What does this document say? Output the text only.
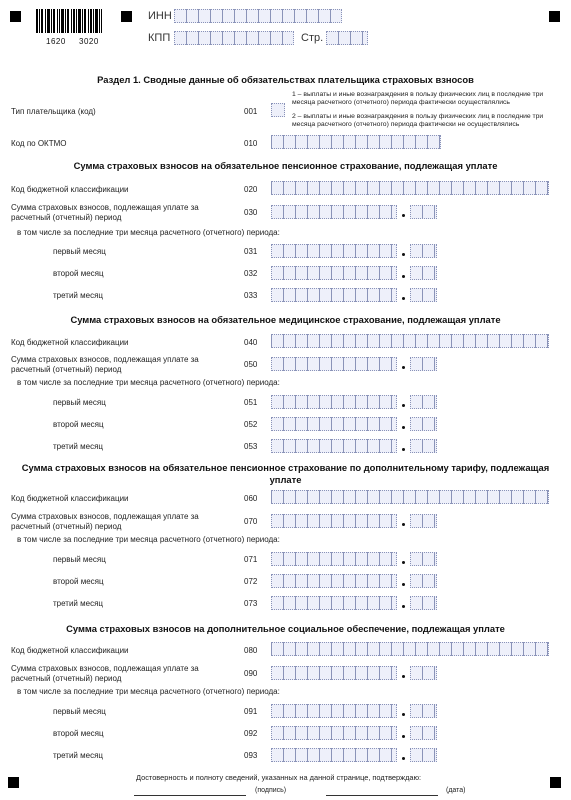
1620 3020
ИНН
КПП	Стр.
Раздел 1. Сводные данные об обязательствах плательщика страховых взносов
Тип плательщика (код)	001
1 – выплаты и иные вознаграждения в пользу физических лиц в последние три месяца расчетного (отчетного) периода фактически осуществлялись
2 – выплаты и иные вознаграждения в пользу физических лиц в последние три месяца расчетного (отчетного) периода фактически не осуществлялись
Код по ОКТМО	010
Сумма страховых взносов на обязательное пенсионное страхование, подлежащая уплате
Код бюджетной классификации	020
Сумма страховых взносов, подлежащая уплате за
расчетный (отчетный) период
030
в том числе за последние три месяца расчетного (отчетного) периода:
первый месяц	031
второй месяц	032
третий месяц	033
Сумма страховых взносов на обязательное медицинское страхование, подлежащая уплате
Код бюджетной классификации	040
Сумма страховых взносов, подлежащая уплате за
расчетный (отчетный) период
050
в том числе за последние три месяца расчетного (отчетного) периода:
первый месяц	051
второй месяц	052
третий месяц	053
Сумма страховых взносов на обязательное пенсионное страхование по дополнительному тарифу, подлежащая
уплате
Код бюджетной классификации	060
Сумма страховых взносов, подлежащая уплате за
расчетный (отчетный) период
070
в том числе за последние три месяца расчетного (отчетного) периода:
первый месяц	071
второй месяц	072
третий месяц	073
Сумма страховых взносов на дополнительное социальное обеспечение, подлежащая уплате
Код бюджетной классификации	080
Сумма страховых взносов, подлежащая уплате за
расчетный (отчетный) период
090
в том числе за последние три месяца расчетного (отчетного) периода:
первый месяц	091
второй месяц	092
третий месяц	093
Достоверность и полноту сведений, указанных на данной странице, подтверждаю:
(подпись)	(дата)
